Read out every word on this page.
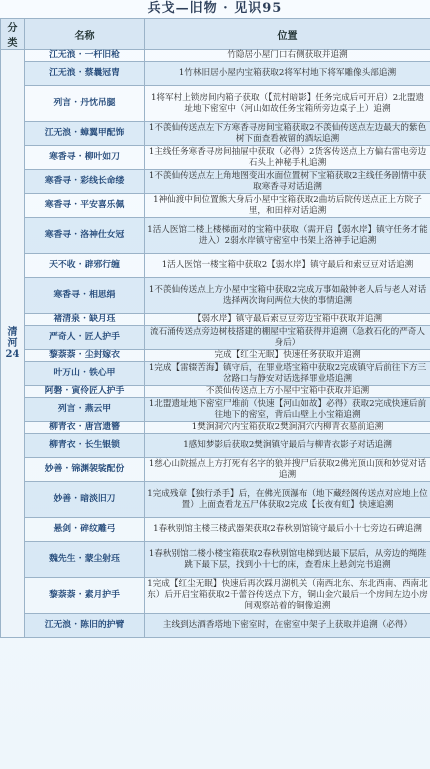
兵戈—旧物 · 见识95
分类	名称	位置
清河24	江无浪 · 一杆旧枪	竹隐居小屋门口右侧获取并追溯
	江无浪 · 蔡曩冠胄	1竹林旧居小屋内宝箱获取2将军村地下将军雕像头部追溯
	列言 · 丹忱吊腿	1将军村上锁房间内箱子获取（【荒村暗影】任务完成后可开启）2北盟遗址地下密室中（河山如故任务宝箱所旁边桌子上）追溯
	江无浪 · 蟑翼甲配饰	1不羡仙传送点左下方寒香寻房间宝箱获取2不羡仙传送点左边最大的紫色树下面查看被留的酒坛追溯
	寒香寻 · 柳叶如刀	1主线任务寒香寻房间抽屉中获取（必得）2货客传送点上方偏右雷电旁边石头上神秘手札追溯
	寒香寻 · 彩线长命缕	1不羡仙传送点左上角地图变出水面位置树下宝箱获取2主线任务剧情中获取寒香寻对话追溯
	寒香寻 · 平安喜乐佩	1神仙渡中间位置熊大身后小屋中宝箱获取2曲坊后院传送点正上方院子里，和田梓对话追溯
	寒香寻 · 洛神仕女冠	1活人医馆二楼上楼梯面对的宝箱中获取（需开启【弱水岸】镇守任务才能进入）2弱水岸镇守密室中书架上洛神手记追溯
	天不收 · 辟邪行缠	1活人医馆一楼宝箱中获取2【弱水岸】镇守最后和索豆豆对话追溯
	寒香寻 · 相思绢	1不羡仙传送点上方小屋中宝箱中获取2完成万事如敲钟老人后与老人对话选择两次询问两位大侠的事情追溯
	禇清泉 · 缺月珏	【弱水岸】镇守最后索豆豆旁边宝箱中获取并追溯
	严奇人 · 匠人护手	流石涌传送点旁边树枝搭建的棚屋中宝箱获得并追溯（急救石化的严奇人身后）
	黎萘萘 · 尘封嫁衣	完成【红尘无眠】快速任务获取并追溯
	叶万山 · 铁心甲	1完成【雷辍苦海】镇守后，在罪业塔宝箱中获取2完成镇守后前往下方三岔路口与静安对话选择罪业塔追溯
	阿磐 · 寅伶匠人护手	不羡仙传送点上方小屋中宝箱中获取并追溯
	列言 · 燕云甲	1北盟遗址地下密室尸堆前（快速【河山如故】必得）获取2完成快速后前往地下的密室，背后山壁上小宝箱追溯
	柳青衣 · 唐宫遗簪	1樊涧洞穴内宝箱获取2樊涧洞穴内柳青衣墓前追溯
	柳青衣 · 长生银锁	1感知梦影后获取2樊涧镇守最后与柳青衣影子对话追溯
	妙善 · 锦渊袈裟配份	1慈心山院摇点上方打死有名字的狼并搜尸后获取2佛光顶山顶和妙觉对话追溯
	妙善 · 暗淡旧刀	1完成残章【独行杀手】后，在佛光顶瀑布（地下藏经阁传送点对应地上位置）上面查看龙五尸体获取2完成【长夜有虹】快速追溯
	悬剑 · 碎纹雕弓	1春秋别馆主楼三楼武器架获取2春秋别馆镜守最后小十七旁边石碑追溯
	魏先生 · 蒙尘射珏	1春秋别馆二楼小楼宝箱获取2春秋别馆电梯到达最下层后，从旁边的绳陛跳下最下层，找到小十七的床，查看床上悬剑完书追溯
	黎萘萘 · 素月护手	1完成【红尘无眠】快速后再次踩月湖机关（南西北东、东北西南、西南北东）后开启宝箱获取2千蕾谷传送点下方，铜山金穴最后一个房间左边小房间观察站着的铜像追溯
	江无浪 · 陈旧的护臂	主线到达酒香塔地下密室时，在密室中架子上获取并追溯（必得）
